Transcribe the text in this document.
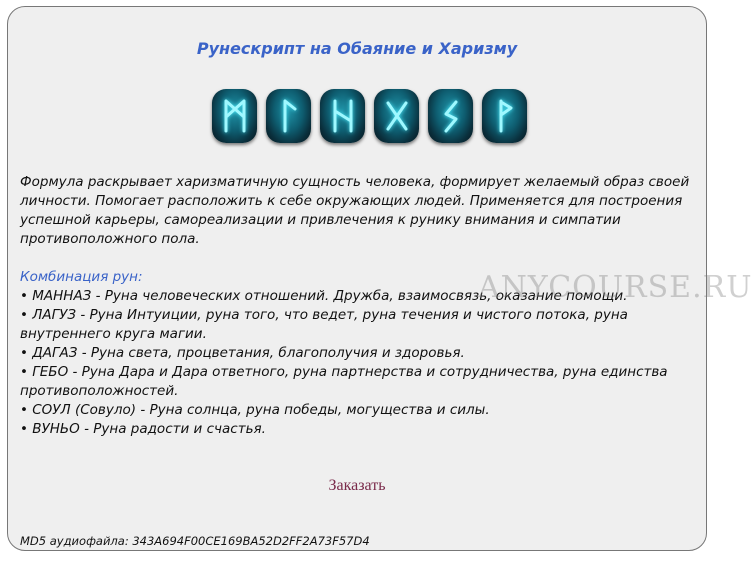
Рунескрипт на Обаяние и Харизму

Формула раскрывает харизматичную сущность человека, формирует желаемый образ своей личности. Помогает расположить к себе окружающих людей. Применяется для построения успешной карьеры, самореализации и привлечения к рунику внимания и симпатии противоположного пола.

Комбинация рун:

• МАННАЗ - Руна человеческих отношений. Дружба, взаимосвязь, оказание помощи.

• ЛАГУЗ - Руна Интуиции, руна того, что ведет, руна течения и чистого потока, руна внутреннего круга магии.

• ДАГАЗ - Руна света, процветания, благополучия и здоровья.

• ГЕБО - Руна Дара и Дара ответного, руна партнерства и сотрудничества, руна единства противоположностей.

• СОУЛ (Совуло) - Руна солнца, руна победы, могущества и силы.

• ВУНЬО - Руна радости и счастья.

ANYCOURSE.RU
Заказать
MD5 аудиофайла: 343A694F00CE169BA52D2FF2A73F57D4
